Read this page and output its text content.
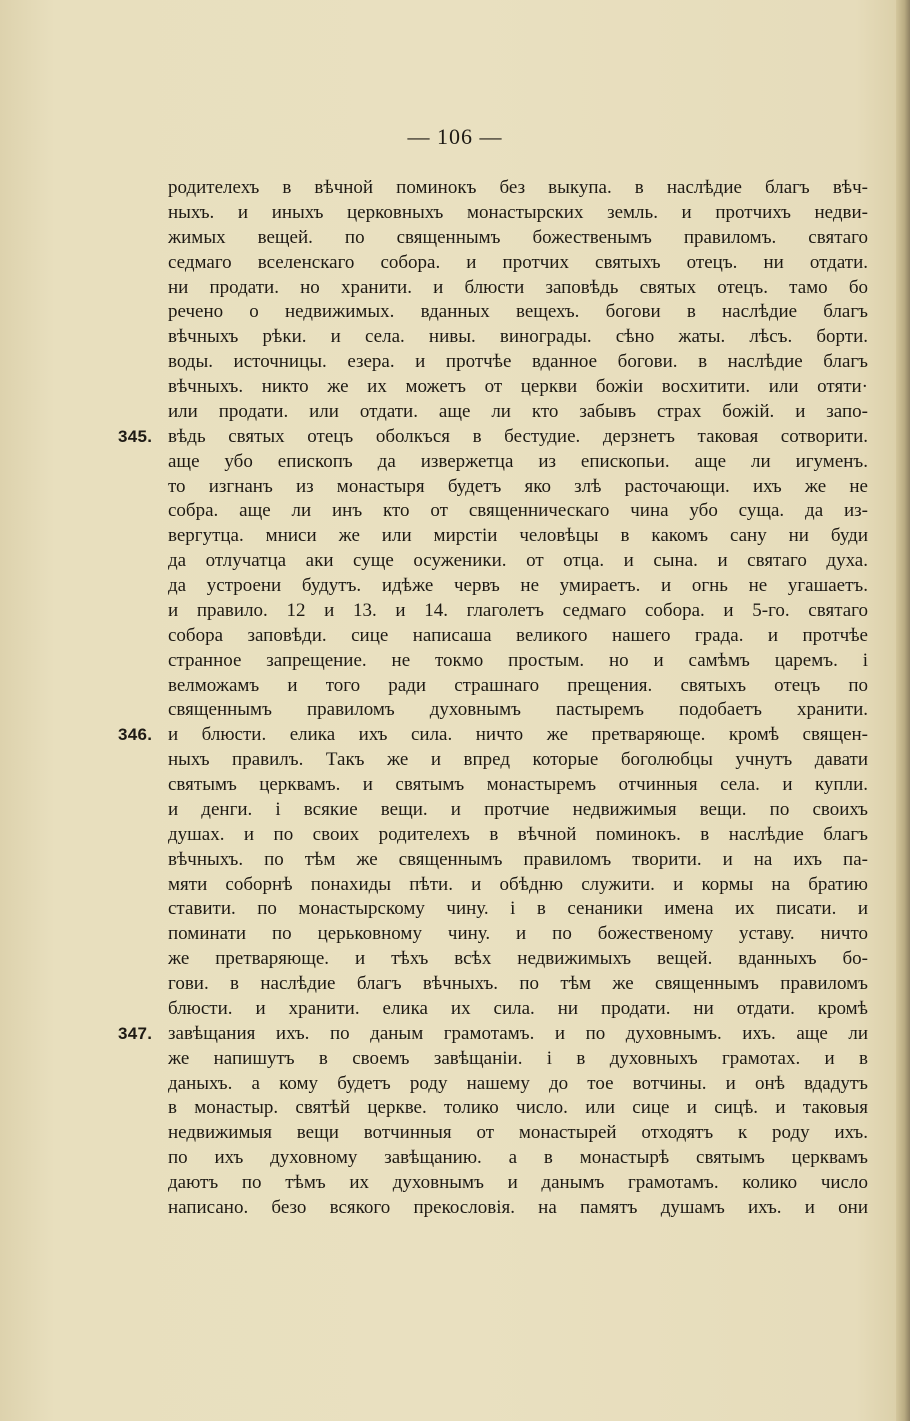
— 106 —
родителехъ в вѣчной поминокъ без выкупа. в наслѣдие благъ вѣч-
ныхъ. и иныхъ церковныхъ монастырских земль. и протчихъ недви-
жимых вещей. по священнымъ божественымъ правиломъ. святаго
седмаго вселенскаго собора. и протчих святыхъ отецъ. ни отдати.
ни продати. но хранити. и блюсти заповѣдь святых отецъ. тамо бо
речено о недвижимых. вданных вещехъ. богови в наслѣдие благъ
вѣчныхъ рѣки. и села. нивы. винограды. сѣно жаты. лѣсъ. борти.
воды. источницы. езера. и протчѣе вданное богови. в наслѣдие благъ
вѣчныхъ. никто же их можетъ от церкви божіи восхитити. или отяти·
или продати. или отдати. аще ли кто забывъ страх божій. и запо-
вѣдь святых отецъ оболкъся в бестудие. дерзнетъ таковая сотворити.
345.
аще убо епископъ да извержетца из епископьи. аще ли игуменъ.
то изгнанъ из монастыря будетъ яко злѣ расточающи. ихъ же не
собра. аще ли инъ кто от священническаго чина убо суща. да из-
вергутца. мниси же или мирстіи человѣцы в какомъ сану ни буди
да отлучатца аки суще осуженики. от отца. и сына. и святаго духа.
да устроени будутъ. идѣже червъ не умираетъ. и огнь не угашаетъ.
и правило. 12 и 13. и 14. глаголетъ седмаго собора. и 5-го. святаго
собора заповѣди. сице написаша великого нашего града. и протчѣе
странное запрещение. не токмо простым. но и самѣмъ царемъ. і
велможамъ и того ради страшнаго прещения. святыхъ отецъ по
священнымъ правиломъ духовнымъ пастыремъ подобаетъ хранити.
и блюсти. елика ихъ сила. ничто же претваряюще. кромѣ священ-
346.
ныхъ правилъ. Такъ же и впред которые боголюбцы учнутъ давати
святымъ церквамъ. и святымъ монастыремъ отчинныя села. и купли.
и денги. і всякие вещи. и протчие недвижимыя вещи. по своихъ
душах. и по своих родителехъ в вѣчной поминокъ. в наслѣдие благъ
вѣчныхъ. по тѣм же священнымъ правиломъ творити. и на ихъ па-
мяти соборнѣ понахиды пѣти. и обѣдню служити. и кормы на братию
ставити. по монастырскому чину. і в сенаники имена их писати. и
поминати по церьковному чину. и по божественому уставу. ничто
же претваряюще. и тѣхъ всѣх недвижимыхъ вещей. вданныхъ бо-
гови. в наслѣдие благъ вѣчныхъ. по тѣм же священнымъ правиломъ
блюсти. и хранити. елика их сила. ни продати. ни отдати. кромѣ
завѣщания ихъ. по даным грамотамъ. и по духовнымъ. ихъ. аще ли
347.
же напишутъ в своемъ завѣщаніи. і в духовныхъ грамотах. и в
даныхъ. а кому будетъ роду нашему до тое вотчины. и онѣ вдадутъ
в монастыр. святѣй церкве. толико число. или сице и сицѣ. и таковыя
недвижимыя вещи вотчинныя от монастырей отходятъ к роду ихъ.
по ихъ духовному завѣщанию. а в монастырѣ святымъ церквамъ
даютъ по тѣмъ их духовнымъ и данымъ грамотамъ. колико число
написано. безо всякого прекословія. на памятъ душамъ ихъ. и они
